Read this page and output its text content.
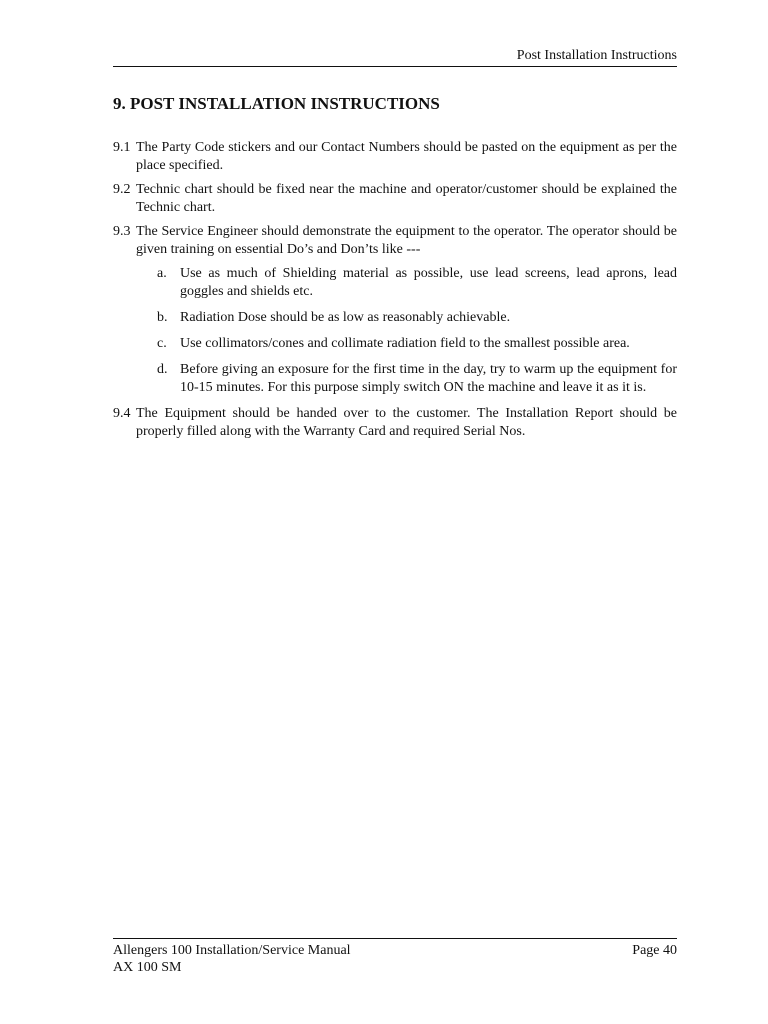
Post Installation Instructions
9. POST INSTALLATION INSTRUCTIONS
9.1 The Party Code stickers and our Contact Numbers should be pasted on the equipment as per the place specified.
9.2 Technic chart should be fixed near the machine and operator/customer should be explained the Technic chart.
9.3 The Service Engineer should demonstrate the equipment to the operator. The operator should be given training on essential Do’s and Don’ts like ---
a. Use as much of Shielding material as possible, use lead screens, lead aprons, lead goggles and shields etc.
b. Radiation Dose should be as low as reasonably achievable.
c. Use collimators/cones and collimate radiation field to the smallest possible area.
d. Before giving an exposure for the first time in the day, try to warm up the equipment for 10-15 minutes. For this purpose simply switch ON the machine and leave it as it is.
9.4 The Equipment should be handed over to the customer. The Installation Report should be properly filled along with the Warranty Card and required Serial Nos.
Allengers 100 Installation/Service Manual
AX 100 SM
Page 40
